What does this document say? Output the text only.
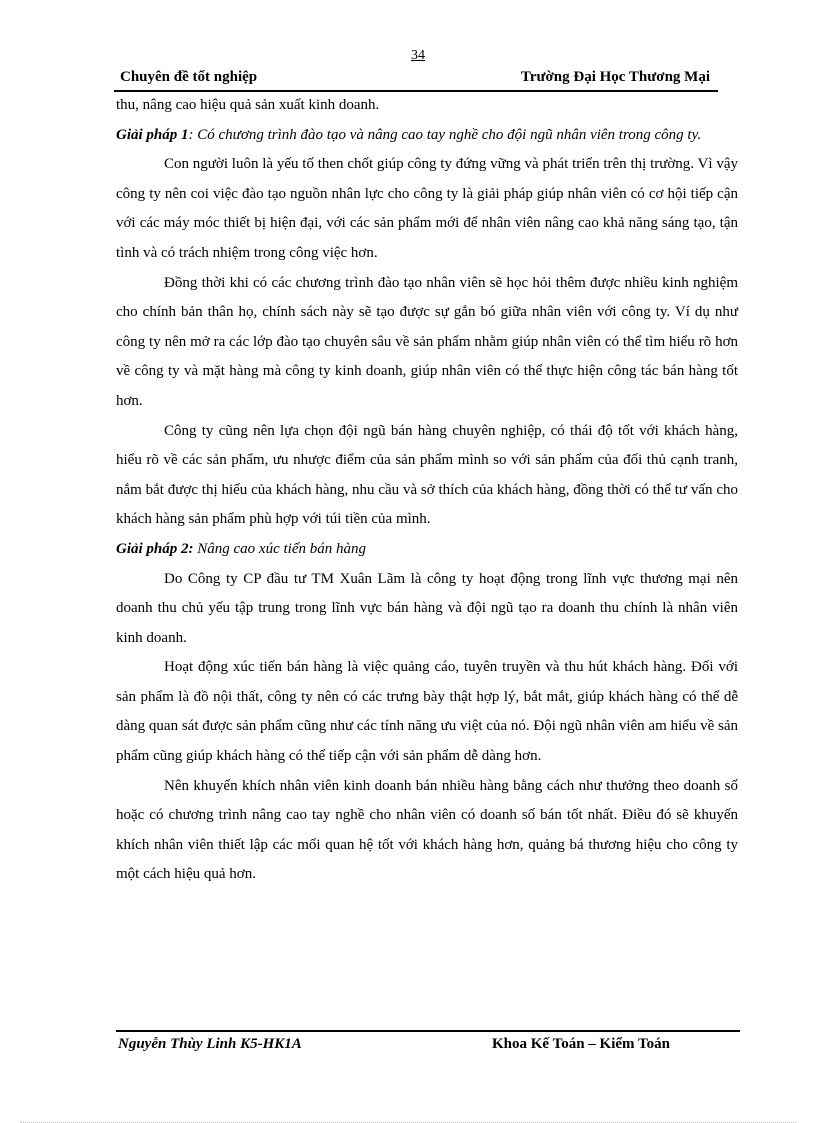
34
Chuyên đề tốt nghiệp	Trường Đại Học Thương Mại

thu, nâng cao hiệu quả sản xuất kinh doanh.

Giải pháp 1: Có chương trình đào tạo và nâng cao tay nghề cho đội ngũ nhân viên trong công ty.

Con người luôn là yếu tố then chốt giúp công ty đứng vững và phát triển trên thị trường. Vì vậy công ty nên coi việc đào tạo nguồn nhân lực cho công ty là giải pháp giúp nhân viên có cơ hội tiếp cận với các máy móc thiết bị hiện đại, với các sản phẩm mới để nhân viên nâng cao khả năng sáng tạo, tận tình và có trách nhiệm trong công việc hơn.

Đồng thời khi có các chương trình đào tạo nhân viên sẽ học hỏi thêm được nhiều kinh nghiệm cho chính bản thân họ, chính sách này sẽ tạo được sự gắn bó giữa nhân viên với công ty. Ví dụ như công ty nên mở ra các lớp đào tạo chuyên sâu về sản phẩm nhằm giúp nhân viên có thể tìm hiểu rõ hơn về công ty và mặt hàng mà công ty kinh doanh, giúp nhân viên có thể thực hiện công tác bán hàng tốt hơn.

Công ty cũng nên lựa chọn đội ngũ bán hàng chuyên nghiệp, có thái độ tốt với khách hàng, hiểu rõ về các sản phẩm, ưu nhược điểm của sản phẩm mình so với sản phẩm của đối thủ cạnh tranh, nắm bắt được thị hiếu của khách hàng, nhu cầu và sở thích của khách hàng, đồng thời có thể tư vấn cho khách hàng sản phẩm phù hợp với túi tiền của mình.

Giải pháp 2: Nâng cao xúc tiến bán hàng

Do Công ty CP đầu tư TM Xuân Lãm là công ty hoạt động trong lĩnh vực thương mại nên doanh thu chủ yếu tập trung trong lĩnh vực bán hàng và đội ngũ tạo ra doanh thu chính là nhân viên kinh doanh.

Hoạt động xúc tiến bán hàng là việc quảng cáo, tuyên truyền và thu hút khách hàng. Đối với sản phẩm là đồ nội thất, công ty nên có các trưng bày thật hợp lý, bắt mắt, giúp khách hàng có thể dễ dàng quan sát được sản phẩm cũng như các tính năng ưu việt của nó. Đội ngũ nhân viên am hiểu về sản phẩm cũng giúp khách hàng có thể tiếp cận với sản phẩm dễ dàng hơn.

Nên khuyến khích nhân viên kinh doanh bán nhiều hàng bằng cách như thưởng theo doanh số hoặc có chương trình nâng cao tay nghề cho nhân viên có doanh số bán tốt nhất. Điều đó sẽ khuyến khích nhân viên thiết lập các mối quan hệ tốt với khách hàng hơn, quảng bá thương hiệu cho công ty một cách hiệu quả hơn.

Nguyễn Thùy Linh K5-HK1A	Khoa Kế Toán – Kiểm Toán
